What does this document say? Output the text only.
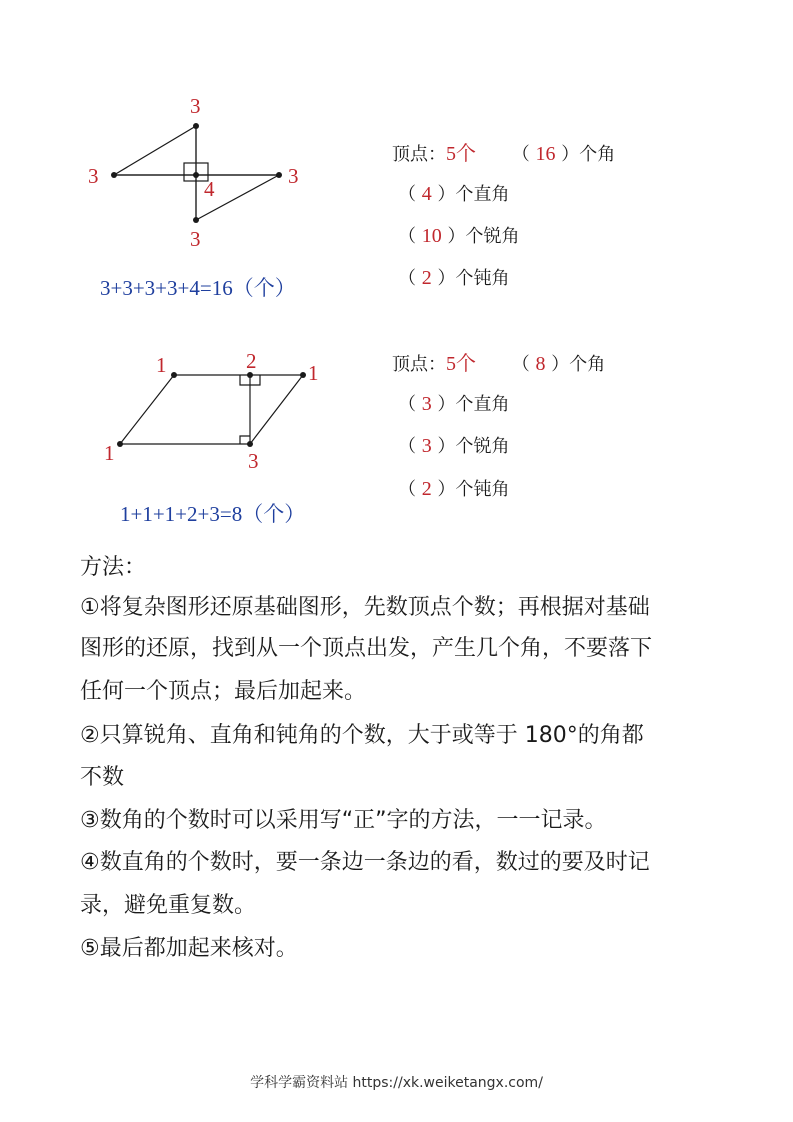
3
3	3
3
4
1	2 1
1	3
3+3+3+3+4=16（个）
1+1+1+2+3=8（个）
顶点：5个 （ 16 ）个角
（ 4 ）个直角
（ 10 ）个锐角
（ 2 ）个钝角
顶点：5个 （ 8 ）个角
（ 3 ）个直角
（ 3 ）个锐角
（ 2 ）个钝角
方法：
①将复杂图形还原基础图形，先数顶点个数；再根据对基础
图形的还原，找到从一个顶点出发，产生几个角，不要落下
任何一个顶点；最后加起来。
②只算锐角、直角和钝角的个数，大于或等于 180°的角都
不数
③数角的个数时可以采用写“正”字的方法，一一记录。
④数直角的个数时，要一条边一条边的看，数过的要及时记
录，避免重复数。
⑤最后都加起来核对。
学科学霸资料站 https://xk.weiketangx.com/
